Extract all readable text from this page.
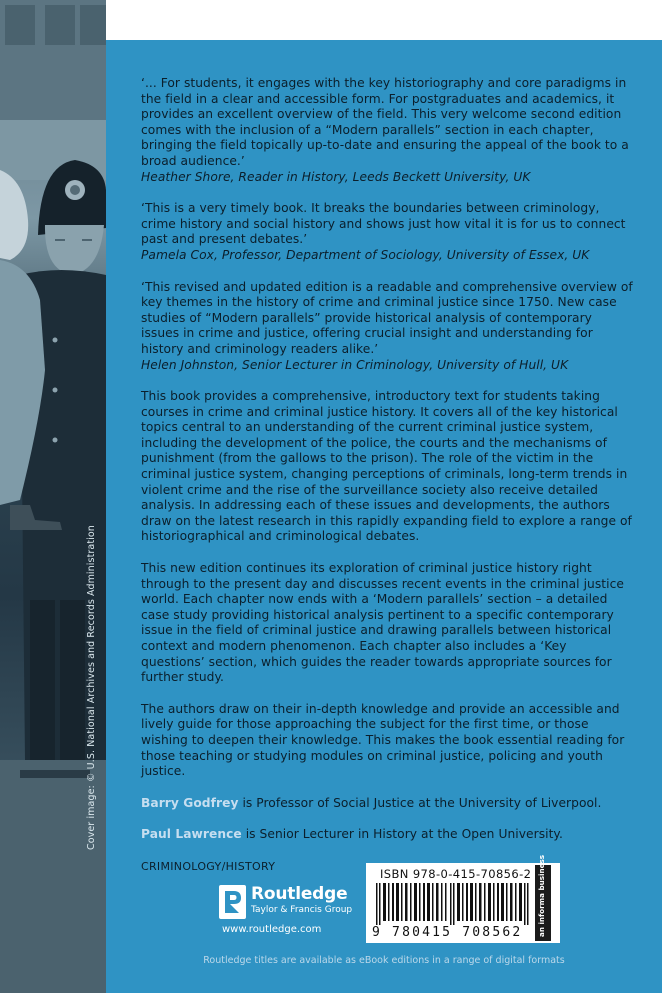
Cover image: © U.S. National Archives and Records Administration

‘... For students, it engages with the key historiography and core paradigms in the field in a clear and accessible form. For postgraduates and academics, it provides an excellent overview of the field. This very welcome second edition comes with the inclusion of a “Modern parallels” section in each chapter, bringing the field topically up-to-date and ensuring the appeal of the book to a broad audience.’
Heather Shore, Reader in History, Leeds Beckett University, UK

‘This is a very timely book. It breaks the boundaries between criminology, crime history and social history and shows just how vital it is for us to connect past and present debates.’
Pamela Cox, Professor, Department of Sociology, University of Essex, UK

‘This revised and updated edition is a readable and comprehensive overview of key themes in the history of crime and criminal justice since 1750. New case studies of “Modern parallels” provide historical analysis of contemporary issues in crime and justice, offering crucial insight and understanding for history and criminology readers alike.’
Helen Johnston, Senior Lecturer in Criminology, University of Hull, UK

This book provides a comprehensive, introductory text for students taking courses in crime and criminal justice history. It covers all of the key historical topics central to an understanding of the current criminal justice system, including the development of the police, the courts and the mechanisms of punishment (from the gallows to the prison). The role of the victim in the criminal justice system, changing perceptions of criminals, long-term trends in violent crime and the rise of the surveillance society also receive detailed analysis. In addressing each of these issues and developments, the authors draw on the latest research in this rapidly expanding field to explore a range of historiographical and criminological debates.

This new edition continues its exploration of criminal justice history right through to the present day and discusses recent events in the criminal justice world. Each chapter now ends with a ‘Modern parallels’ section – a detailed case study providing historical analysis pertinent to a specific contemporary issue in the field of criminal justice and drawing parallels between historical context and modern phenomenon. Each chapter also includes a ‘Key questions’ section, which guides the reader towards appropriate sources for further study.

The authors draw on their in-depth knowledge and provide an accessible and lively guide for those approaching the subject for the first time, or those wishing to deepen their knowledge. This makes the book essential reading for those teaching or studying modules on criminal justice, policing and youth justice.

Barry Godfrey is Professor of Social Justice at the University of Liverpool.

Paul Lawrence is Senior Lecturer in History at the Open University.

CRIMINOLOGY/HISTORY

Routledge
Taylor & Francis Group
www.routledge.com
ISBN 978-0-415-70856-2
9 780415 708562 an informa business
Routledge titles are available as eBook editions in a range of digital formats
